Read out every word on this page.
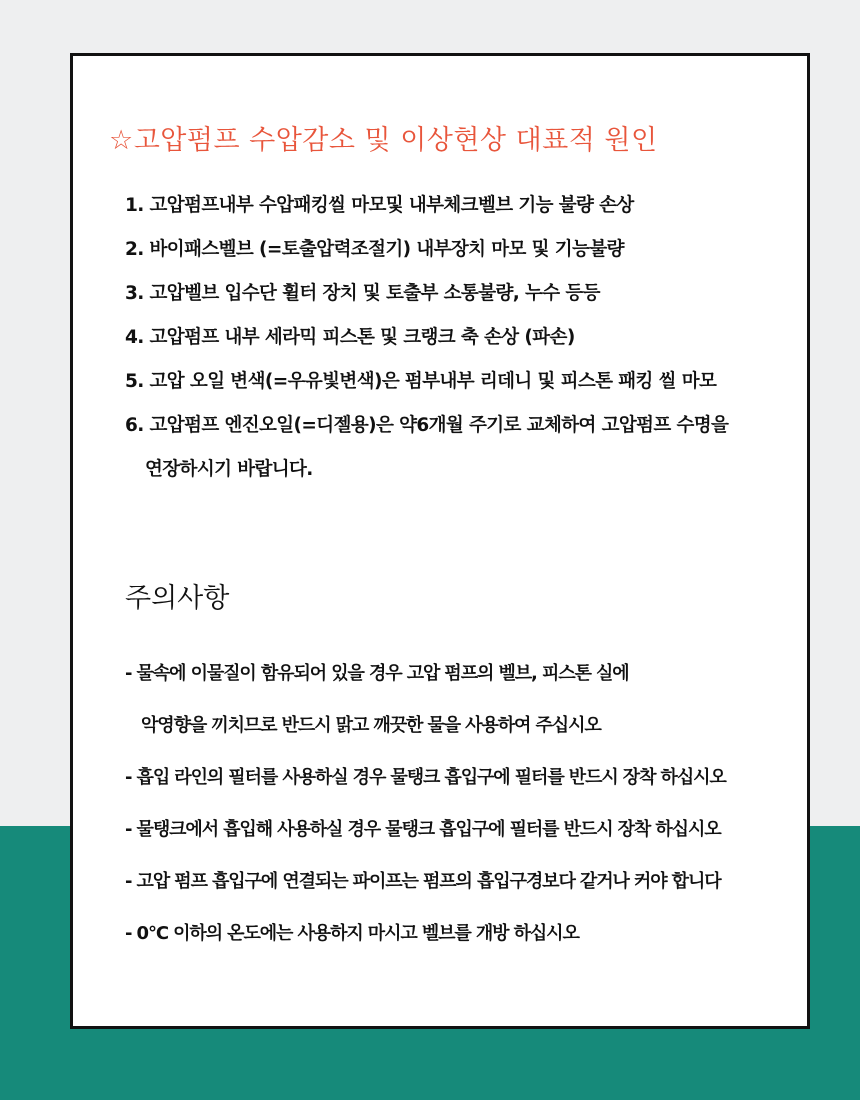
☆고압펌프 수압감소 및 이상현상 대표적 원인
1. 고압펌프내부 수압패킹씰 마모및 내부체크벨브 기능 불량 손상
2. 바이패스벨브 (=토출압력조절기) 내부장치 마모 및 기능불량
3. 고압벨브 입수단 휠터 장치 및 토출부 소통불량, 누수 등등
4. 고압펌프 내부 세라믹 피스톤 및 크랭크 축 손상 (파손)
5. 고압 오일 변색(=우유빛변색)은 펌부내부 리데니 및 피스톤 패킹 씰 마모
6. 고압펌프 엔진오일(=디젤용)은 약6개월 주기로 교체하여 고압펌프 수명을
연장하시기 바랍니다.
주의사항
- 물속에 이물질이 함유되어 있을 경우 고압 펌프의 벨브, 피스톤 실에
악영향을 끼치므로 반드시 맑고 깨끗한 물을 사용하여 주십시오
- 흡입 라인의 필터를 사용하실 경우 물탱크 흡입구에 필터를 반드시 장착 하십시오
- 물탱크에서 흡입해 사용하실 경우 물탱크 흡입구에 필터를 반드시 장착 하십시오
- 고압 펌프 흡입구에 연결되는 파이프는 펌프의 흡입구경보다 같거나 커야 합니다
- 0°C 이하의 온도에는 사용하지 마시고 벨브를 개방 하십시오
